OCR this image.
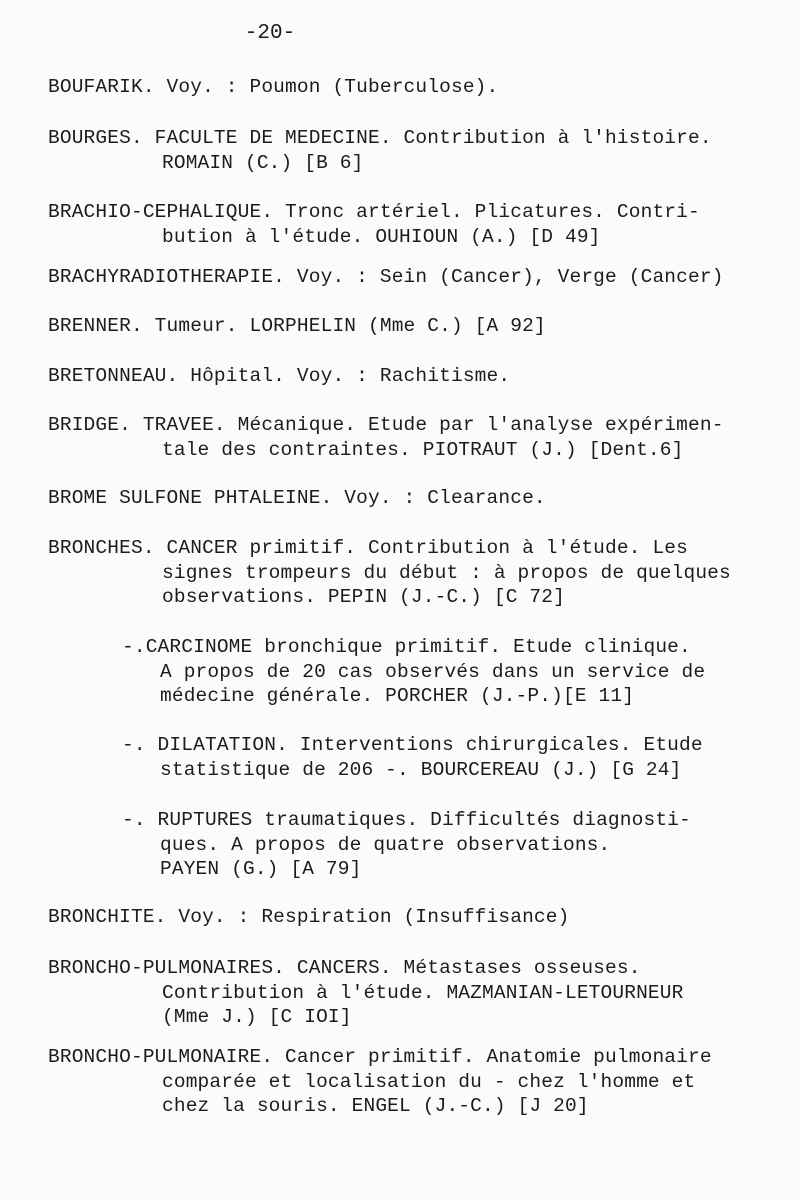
-20-
BOUFARIK. Voy. : Poumon (Tuberculose).
BOURGES. FACULTE DE MEDECINE. Contribution à l'histoire.
ROMAIN (C.) [B 6]
BRACHIO-CEPHALIQUE. Tronc artériel. Plicatures. Contri-
bution à l'étude. OUHIOUN (A.) [D 49]
BRACHYRADIOTHERAPIE. Voy. : Sein (Cancer), Verge (Cancer)
BRENNER. Tumeur. LORPHELIN (Mme C.) [A 92]
BRETONNEAU. Hôpital. Voy. : Rachitisme.
BRIDGE. TRAVEE. Mécanique. Etude par l'analyse expérimen-
tale des contraintes. PIOTRAUT (J.) [Dent.6]
BROME SULFONE PHTALEINE. Voy. : Clearance.
BRONCHES. CANCER primitif. Contribution à l'étude. Les
signes trompeurs du début : à propos de quelques
observations. PEPIN (J.-C.) [C 72]
-.CARCINOME bronchique primitif. Etude clinique.
A propos de 20 cas observés dans un service de
médecine générale. PORCHER (J.-P.)[E 11]
-. DILATATION. Interventions chirurgicales. Etude
statistique de 206 -. BOURCEREAU (J.) [G 24]
-. RUPTURES traumatiques. Difficultés diagnosti-
ques. A propos de quatre observations.
PAYEN (G.) [A 79]
BRONCHITE. Voy. : Respiration (Insuffisance)
BRONCHO-PULMONAIRES. CANCERS. Métastases osseuses.
Contribution à l'étude. MAZMANIAN-LETOURNEUR
(Mme J.) [C IOI]
BRONCHO-PULMONAIRE. Cancer primitif. Anatomie pulmonaire
comparée et localisation du - chez l'homme et
chez la souris. ENGEL (J.-C.) [J 20]
